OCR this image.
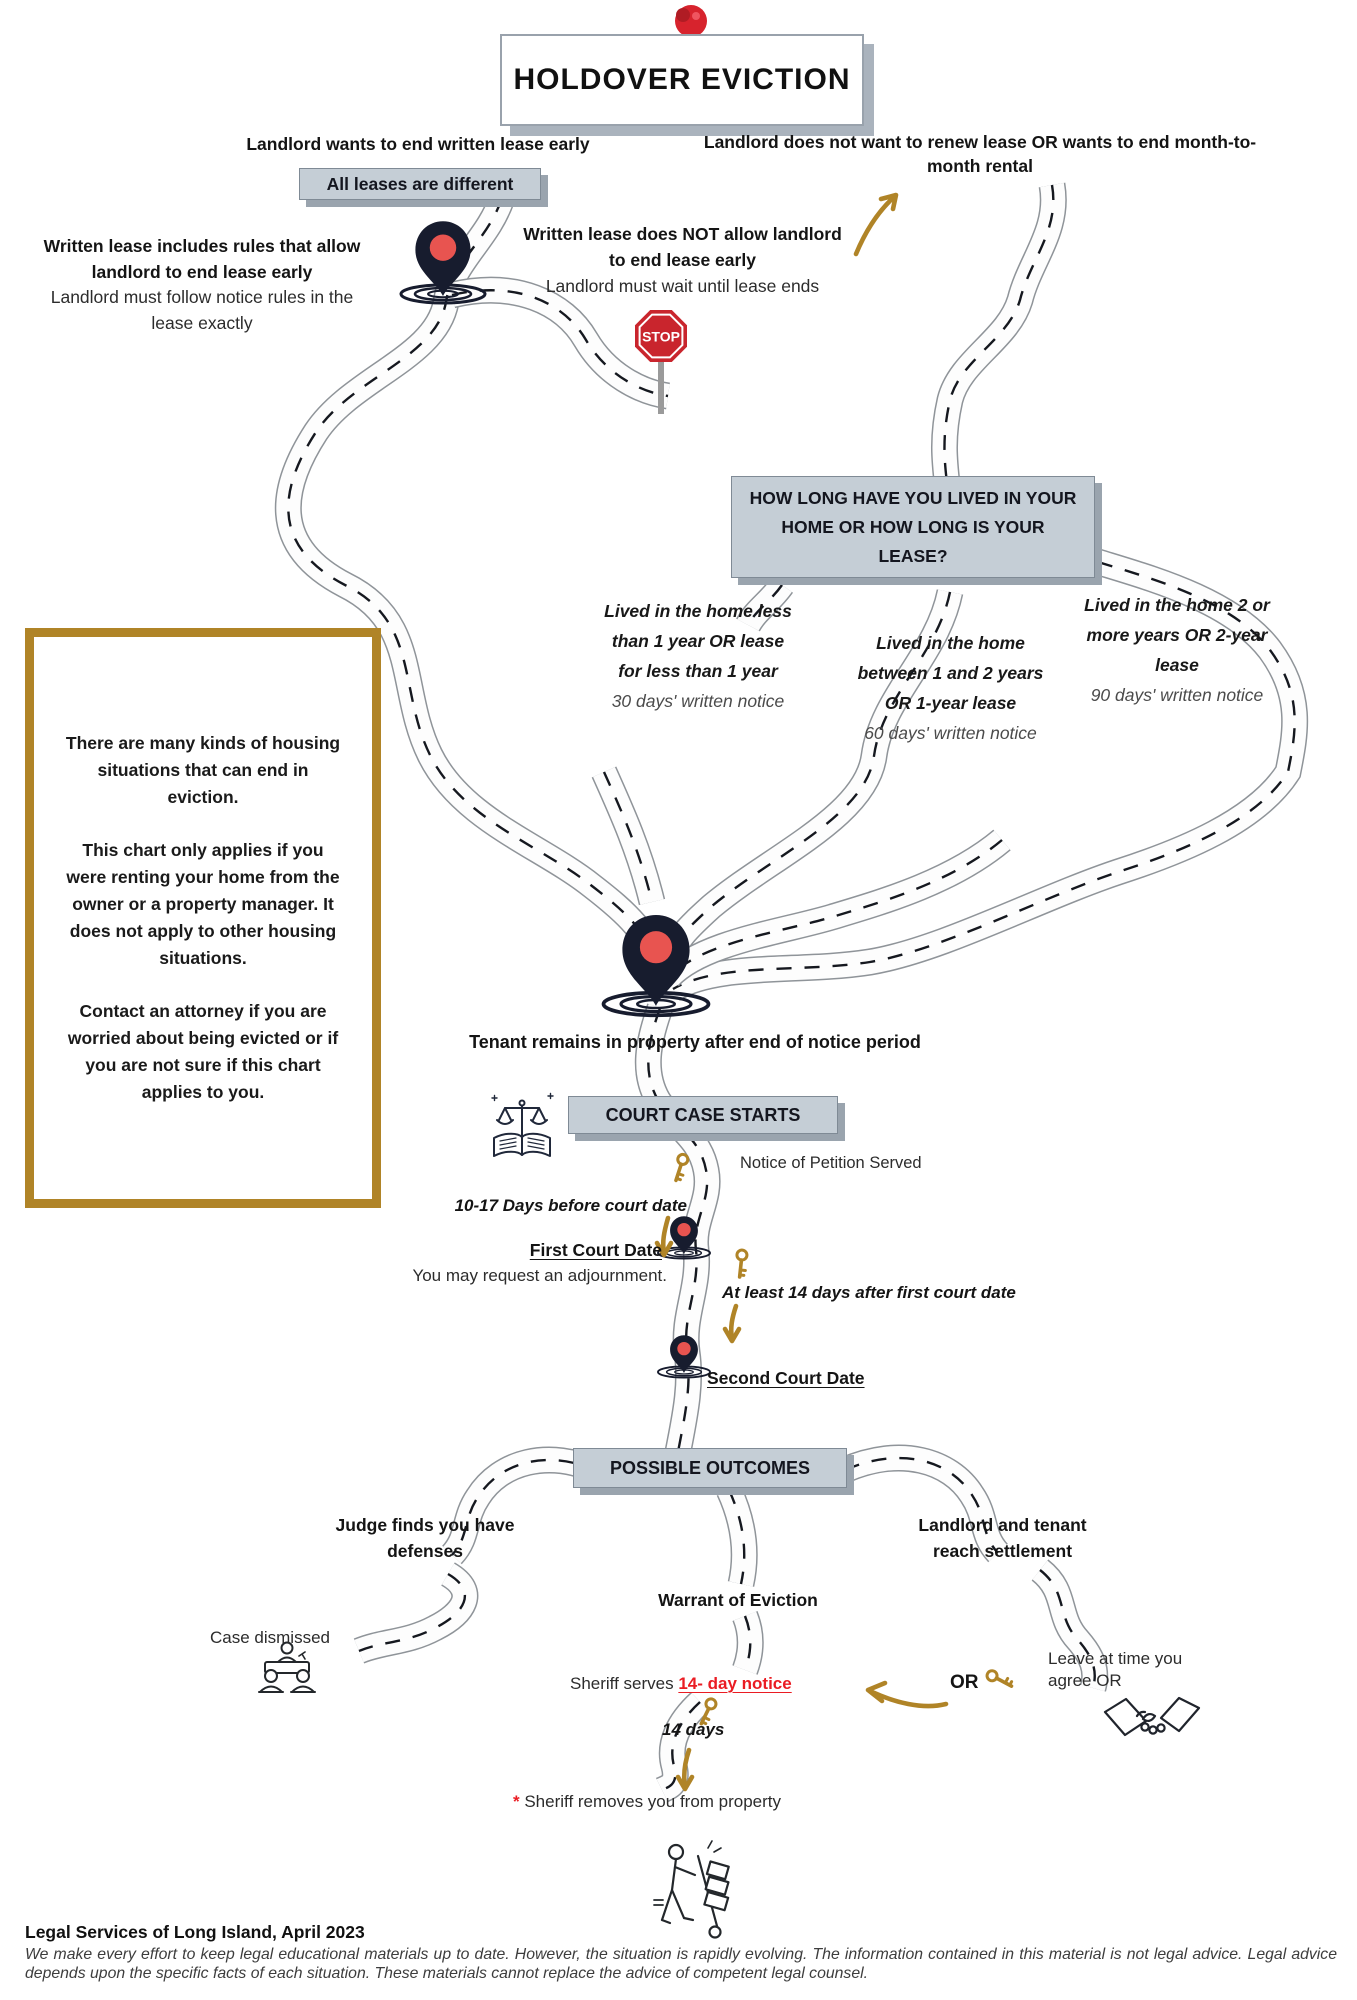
STOP
HOLDOVER EVICTION
Landlord wants to end written lease early	Landlord does not want to renew lease OR wants to end month-to-month rental
All leases are different
Written lease includes rules that allow landlord to end lease early
Landlord must follow notice rules in the lease exactly
Written lease does NOT allow landlord to end lease early
Landlord must wait until lease ends
HOW LONG HAVE YOU LIVED IN YOUR HOME OR HOW LONG IS YOUR LEASE?
Lived in the home less than 1 year OR lease for less than 1 year
30 days' written notice
Lived in the home between 1 and 2 years OR 1-year lease
60 days' written notice
Lived in the home 2 or more years OR 2-year lease
90 days' written notice

There are many kinds of housing situations that can end in eviction.

This chart only applies if you were renting your home from the owner or a property manager. It does not apply to other housing situations.

Contact an attorney if you are worried about being evicted or if you are not sure if this chart applies to you.

Tenant remains in property after end of notice period
COURT CASE STARTS
Notice of Petition Served
10-17 Days before court date
First Court Date
You may request an adjournment.
At least 14 days after first court date
Second Court Date
POSSIBLE OUTCOMES
Judge finds you have defenses
Landlord and tenant reach settlement
Warrant of Eviction
Case dismissed
Sheriff serves 14- day notice	OR
Leave at time you agree OR
14 days
* Sheriff removes you from property
Legal Services of Long Island, April 2023
We make every effort to keep legal educational materials up to date. However, the situation is rapidly evolving. The information contained in this material is not legal advice. Legal advice depends upon the specific facts of each situation. These materials cannot replace the advice of competent legal counsel.
